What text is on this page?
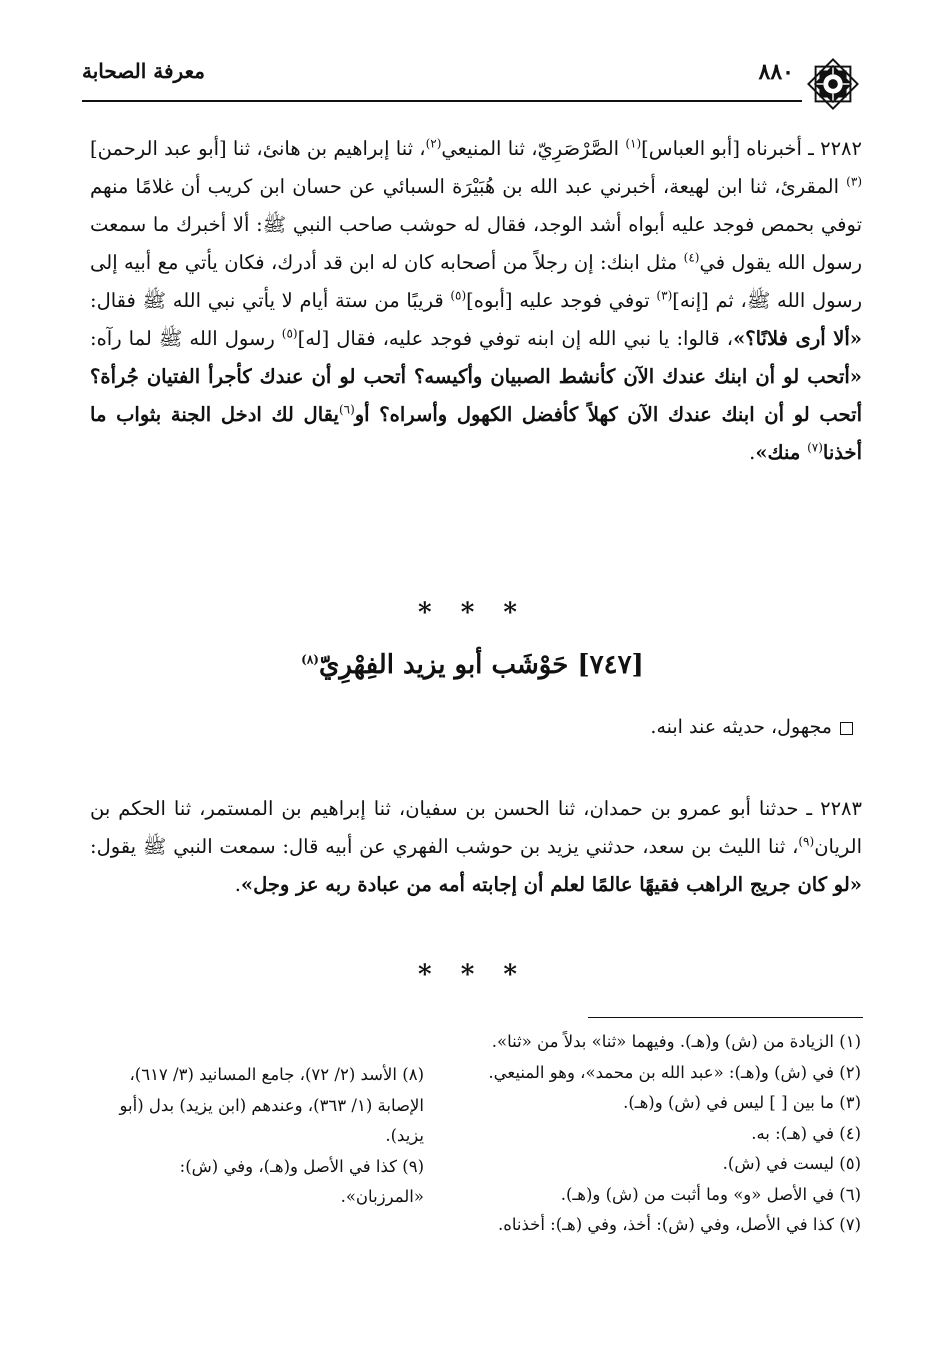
٨٨٠
معرفة الصحابة
٢٢٨٢ ـ أخبرناه [أبو العباس]$^{(١)}$ الصَّرْصَرِيّ، ثنا المنيعي$^{(٢)}$، ثنا إبراهيم بن هانئ، ثنا [أبو عبد الرحمن]$^{(٣)}$ المقرئ، ثنا ابن لهيعة، أخبرني عبد الله بن هُبَيْرَة السبائي عن حسان ابن كريب أن غلامًا منهم توفي بحمص فوجد عليه أبواه أشد الوجد، فقال له حوشب صاحب النبي ﷺ: ألا أخبرك ما سمعت رسول الله يقول في$^{(٤)}$ مثل ابنك: إن رجلاً من أصحابه كان له ابن قد أدرك، فكان يأتي مع أبيه إلى رسول الله ﷺ، ثم [إنه]$^{(٣)}$ توفي فوجد عليه [أبوه]$^{(٥)}$ قريبًا من ستة أيام لا يأتي نبي الله ﷺ فقال: «ألا أرى فلانًا؟»، قالوا: يا نبي الله إن ابنه توفي فوجد عليه، فقال [له]$^{(٥)}$ رسول الله ﷺ لما رآه: «أتحب لو أن ابنك عندك الآن كأنشط الصبيان وأكيسه؟ أتحب لو أن عندك كأجرأ الفتيان جُرأة؟ أتحب لو أن ابنك عندك الآن كهلاً كأفضل الكهول وأسراه؟ أو$^{(٦)}$يقال لك ادخل الجنة بثواب ما أخذنا$^{(٧)}$ منك».
* * *
[٧٤٧] حَوْشَب أبو يزيد الفِهْرِيّ$^{(٨)}$
مجهول، حديثه عند ابنه.
٢٢٨٣ ـ حدثنا أبو عمرو بن حمدان، ثنا الحسن بن سفيان، ثنا إبراهيم بن المستمر، ثنا الحكم بن الريان$^{(٩)}$، ثنا الليث بن سعد، حدثني يزيد بن حوشب الفهري عن أبيه قال: سمعت النبي ﷺ يقول: «لو كان جريج الراهب فقيهًا عالمًا لعلم أن إجابته أمه من عبادة ربه عز وجل».
* * *
(١) الزيادة من (ش) و(هـ). وفيهما «ثنا» بدلاً من «ثنا».
(٢) في (ش) و(هـ): «عبد الله بن محمد»، وهو المنيعي.
(٣) ما بين [ ] ليس في (ش) و(هـ).
(٤) في (هـ): به.
(٥) ليست في (ش).
(٦) في الأصل «و» وما أثبت من (ش) و(هـ).
(٧) كذا في الأصل، وفي (ش): أخذ، وفي (هـ): أخذناه.
(٨) الأسد (٢/ ٧٢)، جامع المسانيد (٣/ ٦١٧)، الإصابة (١/ ٣٦٣)، وعندهم (ابن يزيد) بدل (أبو يزيد).
(٩) كذا في الأصل و(هـ)، وفي (ش): «المرزبان».
